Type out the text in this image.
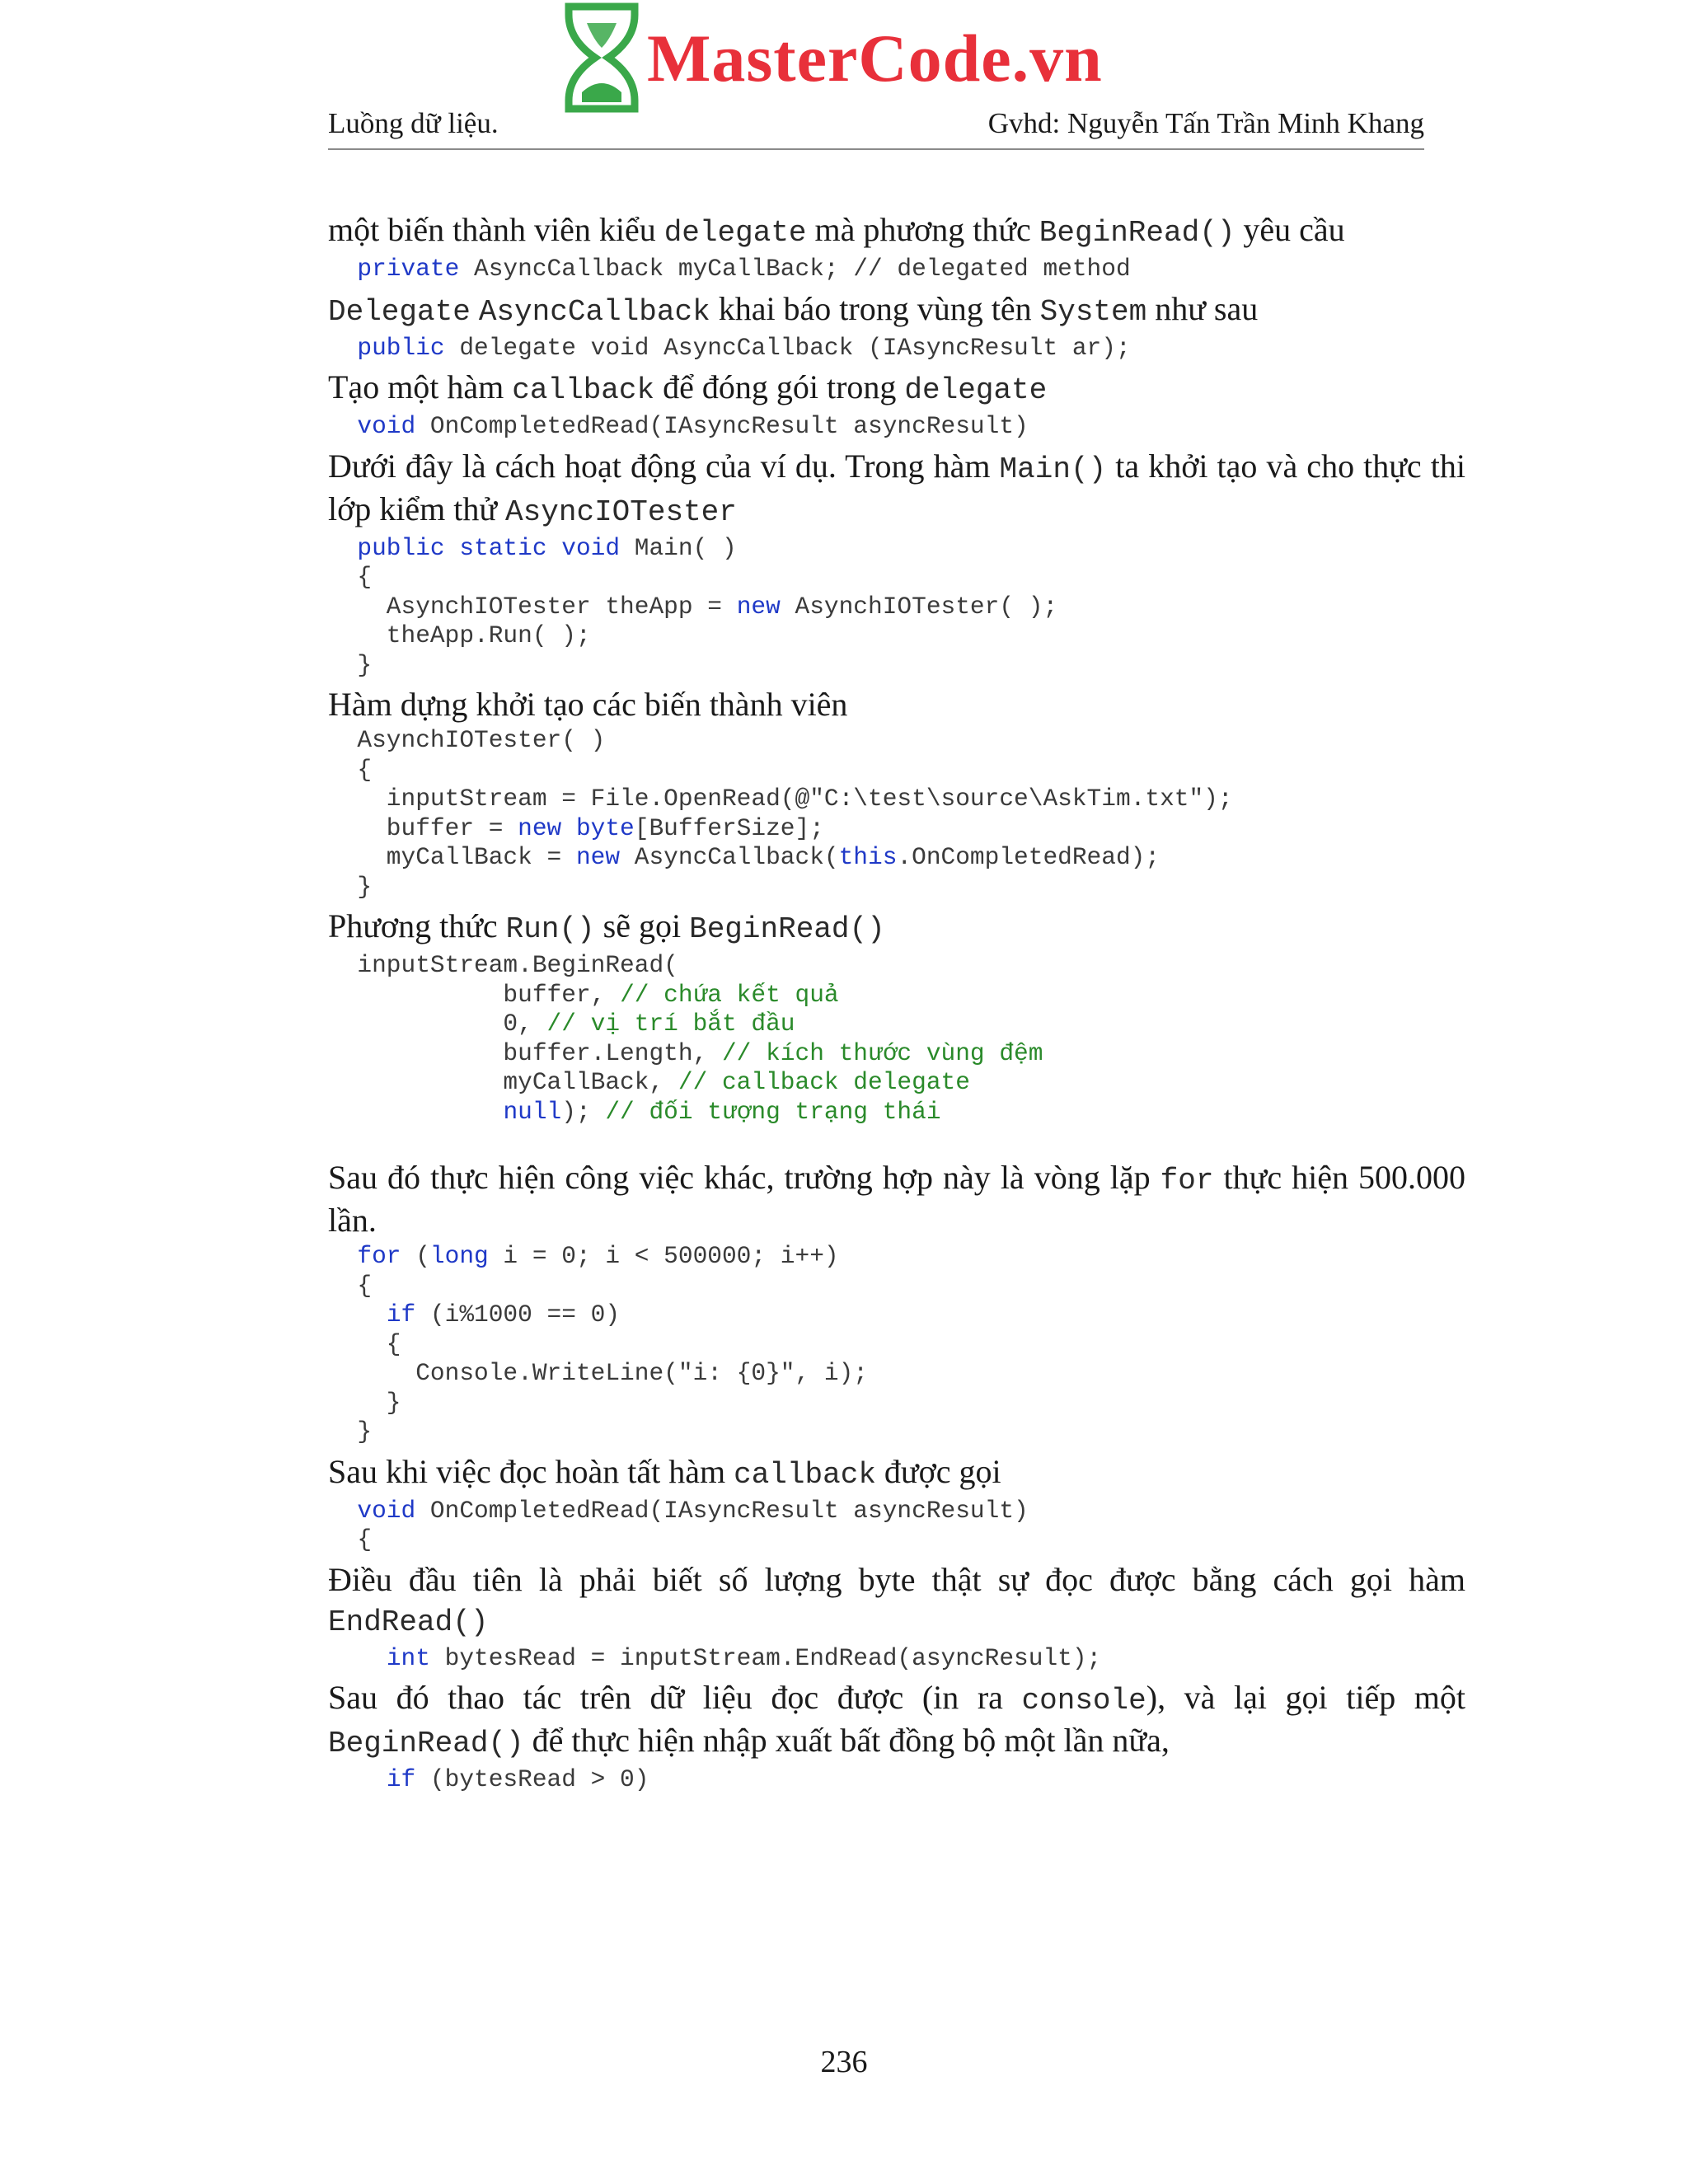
MasterCode.vn
Luồng dữ liệu.	Gvhd: Nguyễn Tấn Trần Minh Khang

một biến thành viên kiểu delegate mà phương thức BeginRead() yêu cầu

private AsyncCallback myCallBack; // delegated method

Delegate AsyncCallback khai báo trong vùng tên System như sau

public delegate void AsyncCallback (IAsyncResult ar);

Tạo một hàm callback để đóng gói trong delegate

void OnCompletedRead(IAsyncResult asyncResult)

Dưới đây là cách hoạt động của ví dụ. Trong hàm Main() ta khởi tạo và cho thực thi lớp kiểm thử AsyncIOTester

public static void Main( )
{
AsynchIOTester theApp = new AsynchIOTester( );
theApp.Run( );
}

Hàm dựng khởi tạo các biến thành viên

AsynchIOTester( )
{
inputStream = File.OpenRead(@"C:\test\source\AskTim.txt");
buffer = new byte[BufferSize];
myCallBack = new AsyncCallback(this.OnCompletedRead);
}

Phương thức Run() sẽ gọi BeginRead()

inputStream.BeginRead(
buffer, // chứa kết quả
0, // vị trí bắt đầu
buffer.Length, // kích thước vùng đệm
myCallBack, // callback delegate
null); // đối tượng trạng thái

Sau đó thực hiện công việc khác, trường hợp này là vòng lặp for thực hiện 500.000 lần.

for (long i = 0; i < 500000; i++)
{
if (i%1000 == 0)
{
Console.WriteLine("i: {0}", i);
}
}

Sau khi việc đọc hoàn tất hàm callback được gọi

void OnCompletedRead(IAsyncResult asyncResult)
{

Điều đầu tiên là phải biết số lượng byte thật sự đọc được bằng cách gọi hàm EndRead()

int bytesRead = inputStream.EndRead(asyncResult);

Sau đó thao tác trên dữ liệu đọc được (in ra console), và lại gọi tiếp một BeginRead() để thực hiện nhập xuất bất đồng bộ một lần nữa,

if (bytesRead > 0)
236
